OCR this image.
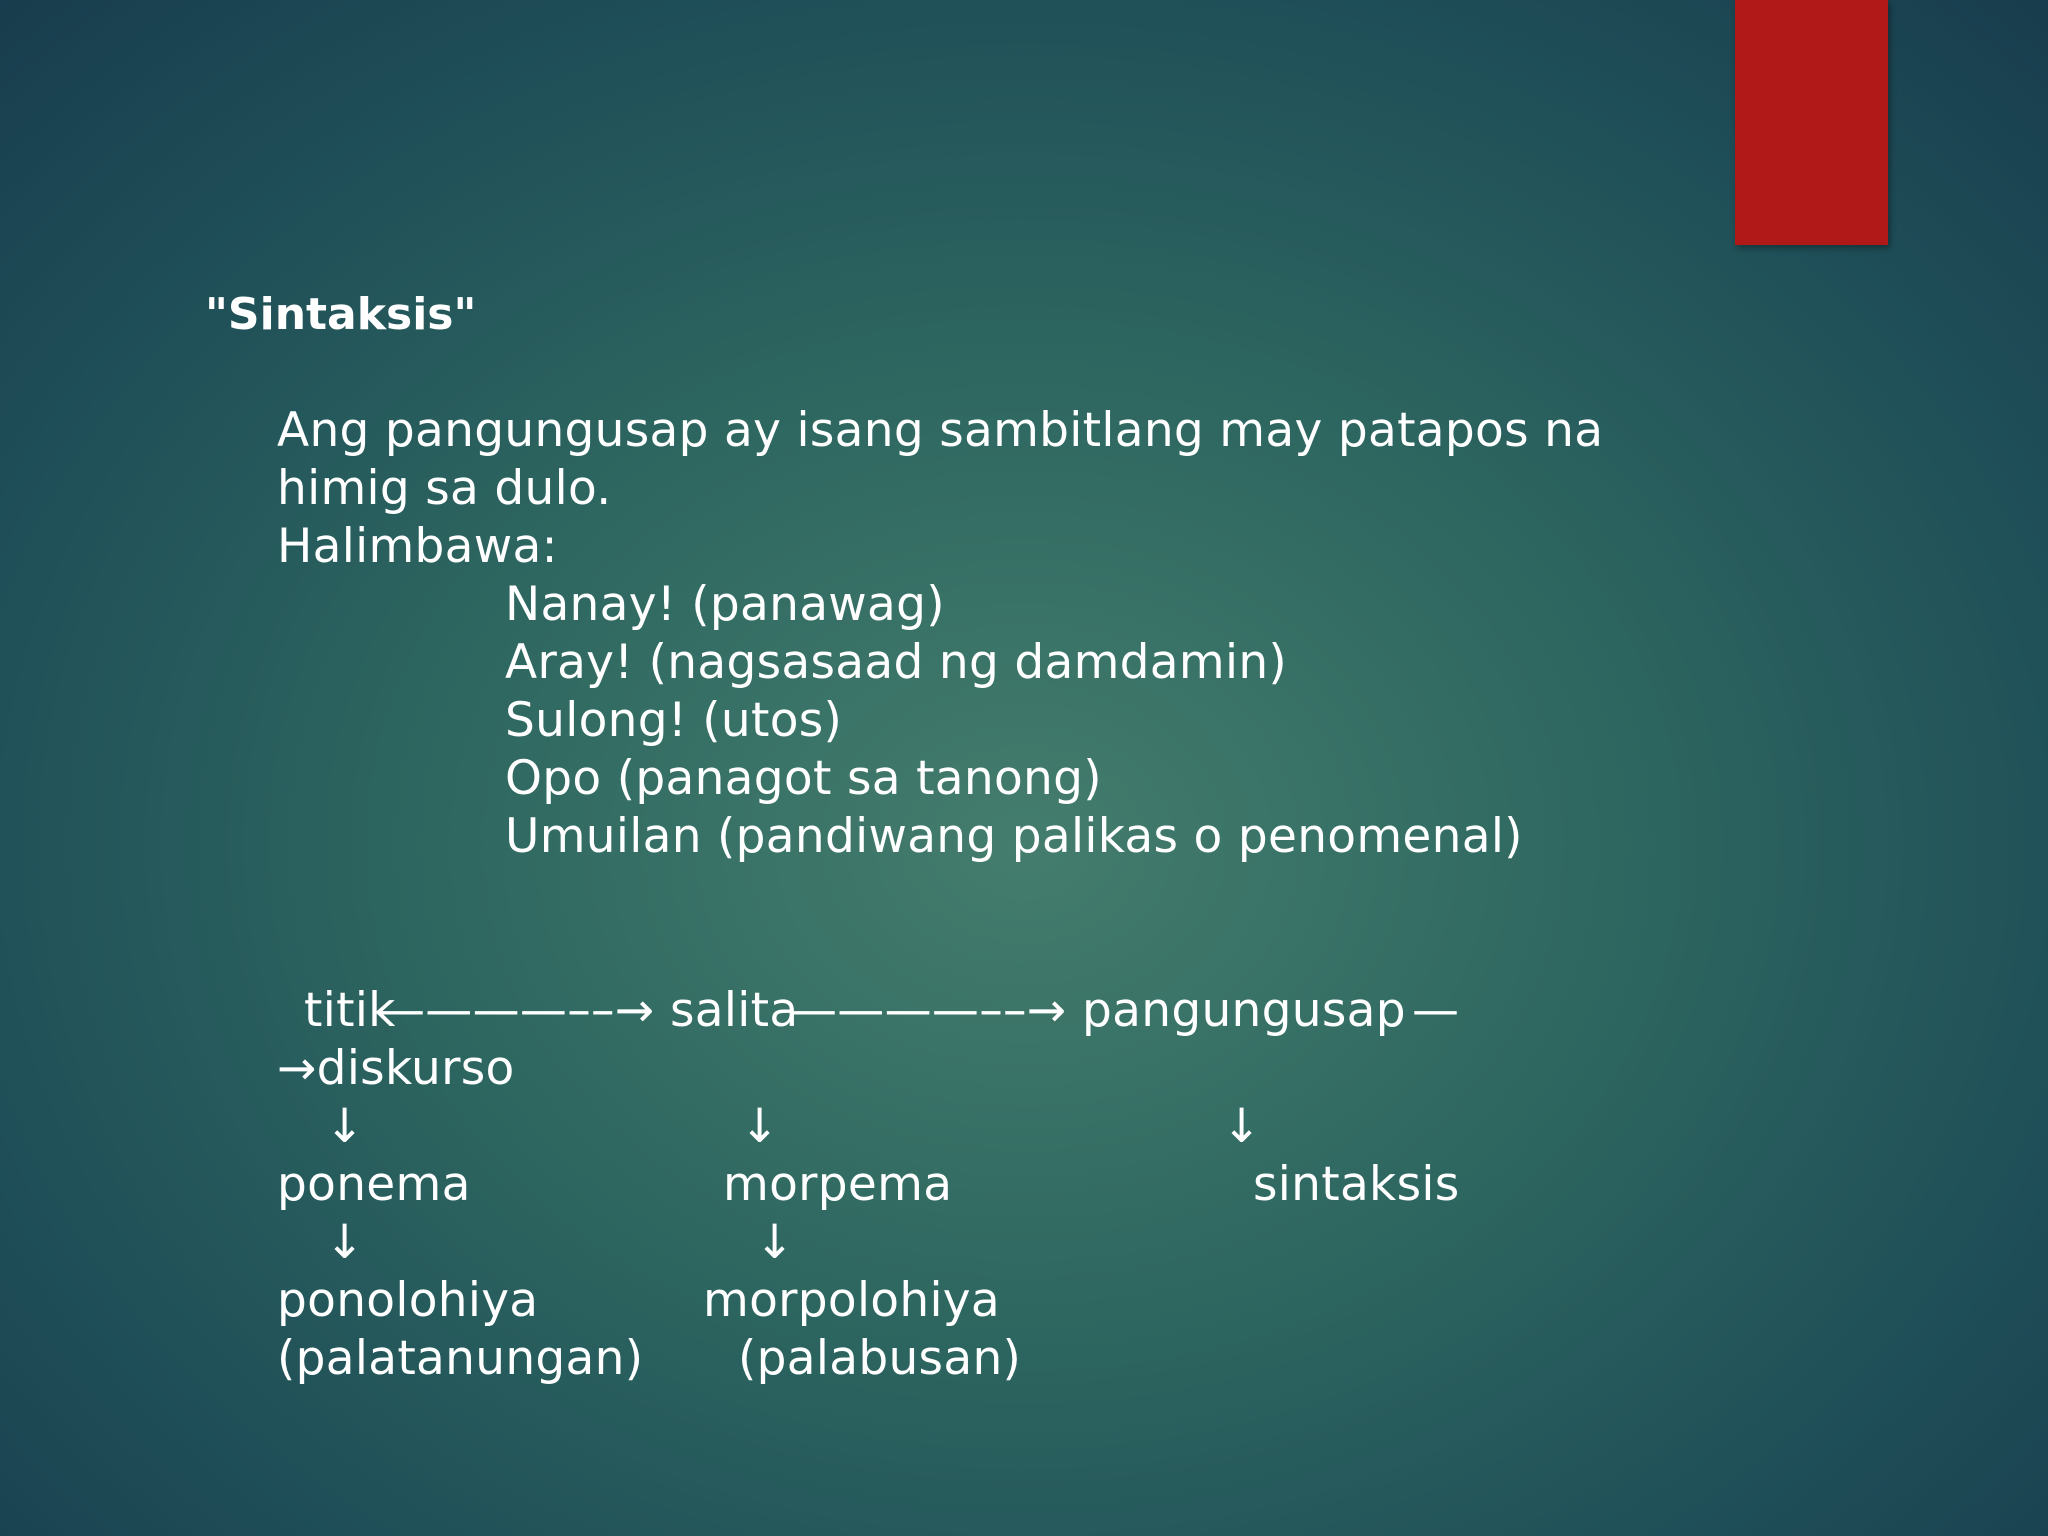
"Sintaksis"
Ang pangungusap ay isang sambitlang may patapos na
himig sa dulo.
Halimbawa:
Nanay! (panawag)
Aray! (nagsasaad ng damdamin)
Sulong! (utos)
Opo (panagot sa tanong)
Umuilan (pandiwang palikas o penomenal)
titik
————––→ salita
————––→ pangungusap —
→diskurso
↓	↓	↓
ponema	morpema	sintaksis
↓	↓
ponolohiya	morpolohiya
(palatanungan) (palabusan)
